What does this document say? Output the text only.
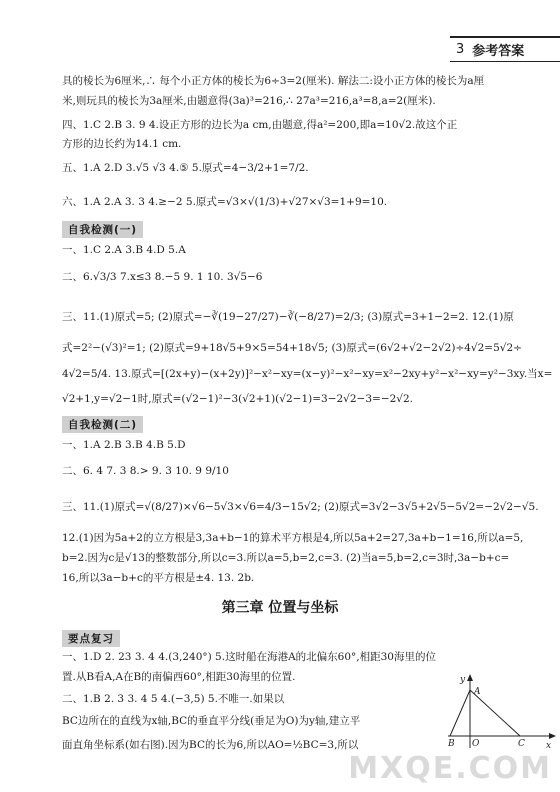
3 参考答案
具的棱长为6厘米,∴ 每个小正方体的棱长为6÷3=2(厘米). 解法二:设小正方体的棱长为a厘
米,则玩具的棱长为3a厘米,由题意得(3a)³=216,∴ 27a³=216,a³=8,a=2(厘米).
四、1.C 2.B 3. 9 4.设正方形的边长为a cm,由题意,得a²=200,即a=10√2.故这个正
方形的边长约为14.1 cm.
五、1.A 2.D 3.√5 √3 4.⑤ 5.原式=4−3/2+1=7/2.
六、1.A 2.A 3. 3 4.≥−2 5.原式=√3×√(1/3)+√27×√3=1+9=10.
自我检测(一)
一、1.C 2.A 3.B 4.D 5.A
二、6.√3/3 7.x≤3 8.−5 9. 1 10. 3√5−6
三、11.(1)原式=5; (2)原式=−∛(19−27/27)−∛(−8/27)=2/3; (3)原式=3+1−2=2. 12.(1)原
式=2²−(√3)²=1; (2)原式=9+18√5+9×5=54+18√5; (3)原式=(6√2+√2−2√2)÷4√2=5√2÷
4√2=5/4. 13.原式=[(2x+y)−(x+2y)]²−x²−xy=(x−y)²−x²−xy=x²−2xy+y²−x²−xy=y²−3xy.当x=
√2+1,y=√2−1时,原式=(√2−1)²−3(√2+1)(√2−1)=3−2√2−3=−2√2.
自我检测(二)
一、1.A 2.B 3.B 4.B 5.D
二、6. 4 7. 3 8.> 9. 3 10. 9 9/10
三、11.(1)原式=√(8/27)×√6−5√3×√6=4/3−15√2; (2)原式=3√2−3√5+2√5−5√2=−2√2−√5.
12.(1)因为5a+2的立方根是3,3a+b−1的算术平方根是4,所以5a+2=27,3a+b−1=16,所以a=5,
b=2.因为c是√13的整数部分,所以c=3.所以a=5,b=2,c=3. (2)当a=5,b=2,c=3时,3a−b+c=
16,所以3a−b+c的平方根是±4. 13. 2b.
第三章 位置与坐标
要点复习
一、1.D 2. 23 3. 4 4.(3,240°) 5.这时船在海港A的北偏东60°,相距30海里的位
置.从B看A,A在B的南偏西60°,相距30海里的位置.
二、1.B 2. 3 3. 4 5 4.(−3,5) 5.不唯一.如果以
BC边所在的直线为x轴,BC的垂直平分线(垂足为O)为y轴,建立平
面直角坐标系(如右图).因为BC的长为6,所以AO=½BC=3,所以
y
A
B O	C x
MXQE.COM
